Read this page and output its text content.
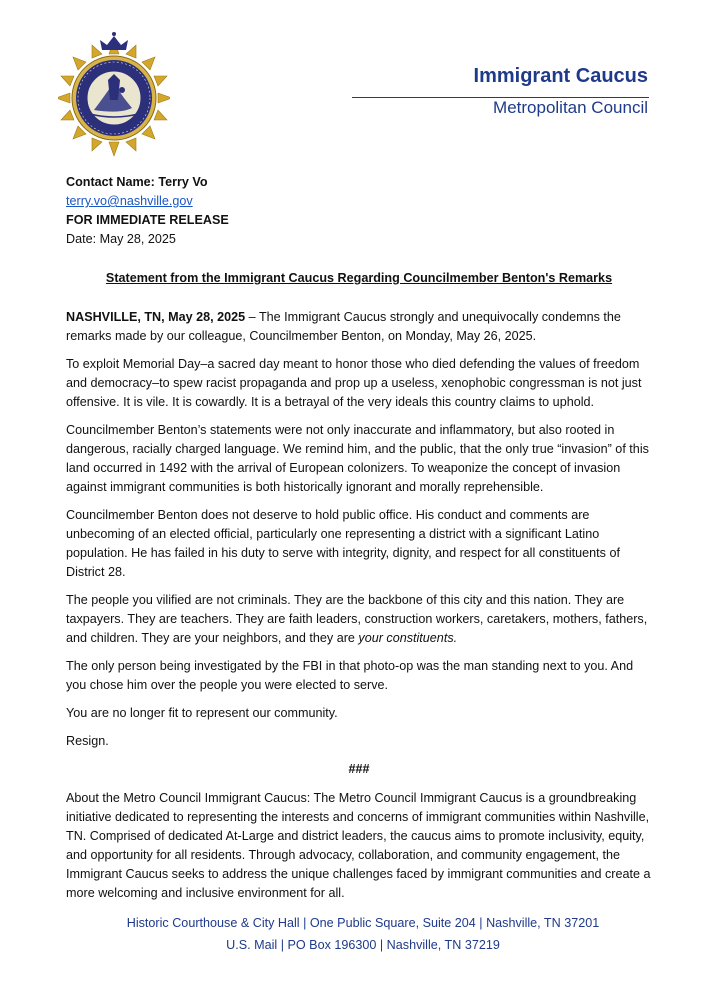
Immigrant Caucus
Metropolitan Council
Contact Name: Terry Vo
terry.vo@nashville.gov
FOR IMMEDIATE RELEASE
Date: May 28, 2025
Statement from the Immigrant Caucus Regarding Councilmember Benton's Remarks

NASHVILLE, TN, May 28, 2025 – The Immigrant Caucus strongly and unequivocally condemns the remarks made by our colleague, Councilmember Benton, on Monday, May 26, 2025.

To exploit Memorial Day–a sacred day meant to honor those who died defending the values of freedom and democracy–to spew racist propaganda and prop up a useless, xenophobic congressman is not just offensive. It is vile. It is cowardly. It is a betrayal of the very ideals this country claims to uphold.

Councilmember Benton’s statements were not only inaccurate and inflammatory, but also rooted in dangerous, racially charged language. We remind him, and the public, that the only true “invasion” of this land occurred in 1492 with the arrival of European colonizers. To weaponize the concept of invasion against immigrant communities is both historically ignorant and morally reprehensible.

Councilmember Benton does not deserve to hold public office. His conduct and comments are unbecoming of an elected official, particularly one representing a district with a significant Latino population. He has failed in his duty to serve with integrity, dignity, and respect for all constituents of District 28.

The people you vilified are not criminals. They are the backbone of this city and this nation. They are taxpayers. They are teachers. They are faith leaders, construction workers, caretakers, mothers, fathers, and children. They are your neighbors, and they are your constituents.

The only person being investigated by the FBI in that photo-op was the man standing next to you. And you chose him over the people you were elected to serve.

You are no longer fit to represent our community.

Resign.

###

About the Metro Council Immigrant Caucus: The Metro Council Immigrant Caucus is a groundbreaking initiative dedicated to representing the interests and concerns of immigrant communities within Nashville, TN. Comprised of dedicated At-Large and district leaders, the caucus aims to promote inclusivity, equity, and opportunity for all residents. Through advocacy, collaboration, and community engagement, the Immigrant Caucus seeks to address the unique challenges faced by immigrant communities and create a more welcoming and inclusive environment for all.

Historic Courthouse & City Hall | One Public Square, Suite 204 | Nashville, TN 37201
U.S. Mail | PO Box 196300 | Nashville, TN 37219
